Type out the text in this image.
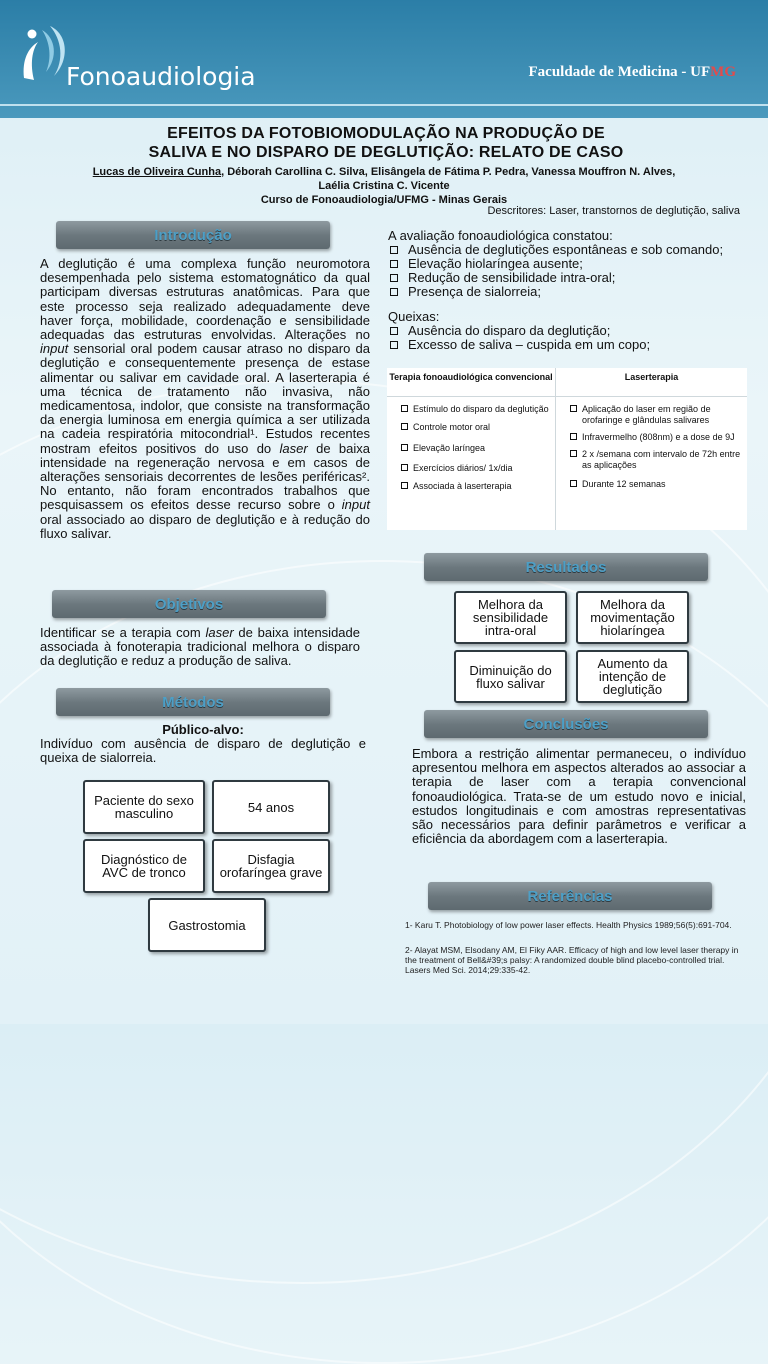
Fonoaudiologia	Faculdade de Medicina - UFMG
EFEITOS DA FOTOBIOMODULAÇÃO NA PRODUÇÃO DE
SALIVA E NO DISPARO DE DEGLUTIÇÃO: RELATO DE CASO
Lucas de Oliveira Cunha, Déborah Carollina C. Silva, Elisângela de Fátima P. Pedra, Vanessa Mouffron N. Alves,
Laélia Cristina C. Vicente
Curso de Fonoaudiologia/UFMG - Minas Gerais
Descritores: Laser, transtornos de deglutição, saliva
Introdução

A deglutição é uma complexa função neuromotora desempenhada pelo sistema estomatognático da qual participam diversas estruturas anatômicas. Para que este processo seja realizado adequadamente deve haver força, mobilidade, coordenação e sensibilidade adequadas das estruturas envolvidas. Alterações no input sensorial oral podem causar atraso no disparo da deglutição e consequentemente presença de estase alimentar ou salivar em cavidade oral. A laserterapia é uma técnica de tratamento não invasiva, não medicamentosa, indolor, que consiste na transformação da energia luminosa em energia química a ser utilizada na cadeia respiratória mitocondrial¹. Estudos recentes mostram efeitos positivos do uso do laser de baixa intensidade na regeneração nervosa e em casos de alterações sensoriais decorrentes de lesões periféricas². No entanto, não foram encontrados trabalhos que pesquisassem os efeitos desse recurso sobre o input oral associado ao disparo de deglutição e à redução do fluxo salivar.

Objetivos

Identificar se a terapia com laser de baixa intensidade associada à fonoterapia tradicional melhora o disparo da deglutição e reduz a produção de saliva.

Métodos
Público-alvo:
Indivíduo com ausência de disparo de deglutição e queixa de sialorreia.
Paciente do sexo masculino	54 anos
Diagnóstico de AVC de tronco
Disfagia orofaríngea grave
Gastrostomia
A avaliação fonoaudiológica constatou:
Ausência de deglutições espontâneas e sob comando;
Elevação hiolaríngea ausente;
Redução de sensibilidade intra-oral;
Presença de sialorreia;
Queixas:
Ausência do disparo da deglutição;
Excesso de saliva – cuspida em um copo;
Terapia fonoaudiológica convencional
Estímulo do disparo da deglutição
Controle motor oral
Elevação laríngea
Exercícios diários/ 1x/dia
Associada à laserterapia
Laserterapia
Aplicação do laser em região de orofaringe e glândulas salivares
Infravermelho (808nm) e a dose de 9J
2 x /semana com intervalo de 72h entre as aplicações
Durante 12 semanas
Resultados
Melhora da sensibilidade intra-oral
Melhora da movimentação hiolaríngea
Diminuição do fluxo salivar
Aumento da intenção de deglutição
Conclusões
Embora a restrição alimentar permaneceu, o indivíduo apresentou melhora em aspectos alterados ao associar a terapia de laser com a terapia convencional fonoaudiológica. Trata-se de um estudo novo e inicial, estudos longitudinais e com amostras representativas são necessários para definir parâmetros e verificar a eficiência da abordagem com a laserterapia.
Referências
1- Karu T. Photobiology of low power laser effects. Health Physics 1989;56(5):691-704.
2- Alayat MSM, Elsodany AM, El Fiky AAR. Efficacy of high and low level laser therapy in the treatment of Bell&#39;s palsy: A randomized double blind placebo-controlled trial. Lasers Med Sci. 2014;29:335-42.
